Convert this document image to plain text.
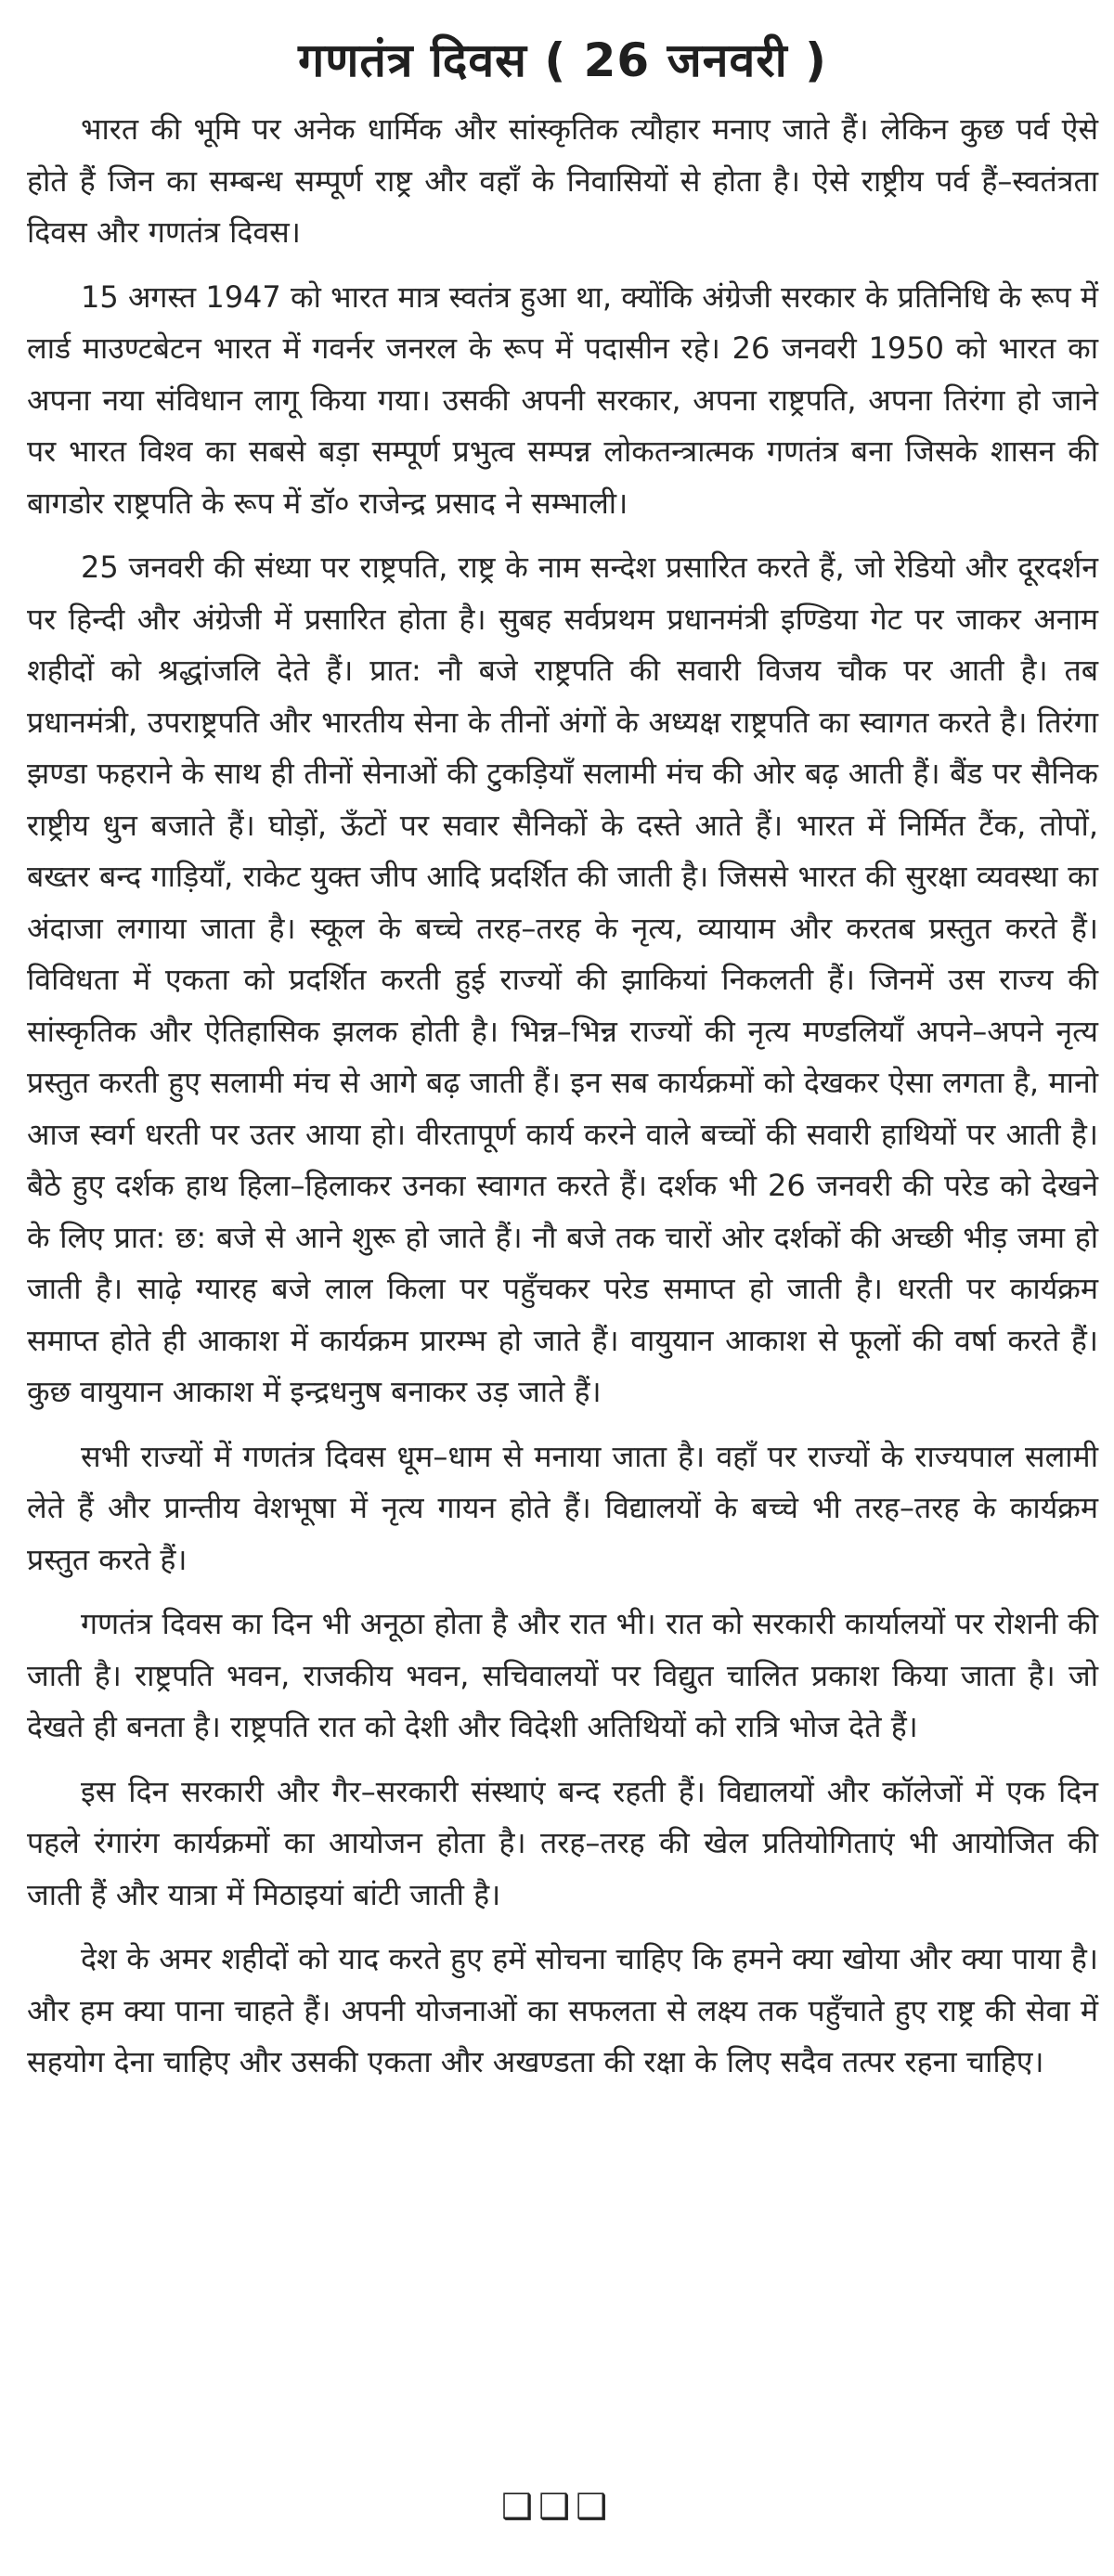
गणतंत्र दिवस ( 26 जनवरी )

भारत की भूमि पर अनेक धार्मिक और सांस्कृतिक त्यौहार मनाए जाते हैं। लेकिन कुछ पर्व ऐसे होते हैं जिन का सम्बन्ध सम्पूर्ण राष्ट्र और वहाँ के निवासियों से होता है। ऐसे राष्ट्रीय पर्व हैं–स्वतंत्रता दिवस और गणतंत्र दिवस।

15 अगस्त 1947 को भारत मात्र स्वतंत्र हुआ था, क्योंकि अंग्रेजी सरकार के प्रतिनिधि के रूप में लार्ड माउण्टबेटन भारत में गवर्नर जनरल के रूप में पदासीन रहे। 26 जनवरी 1950 को भारत का अपना नया संविधान लागू किया गया। उसकी अपनी सरकार, अपना राष्ट्रपति, अपना तिरंगा हो जाने पर भारत विश्व का सबसे बड़ा सम्पूर्ण प्रभुत्व सम्पन्न लोकतन्त्रात्मक गणतंत्र बना जिसके शासन की बागडोर राष्ट्रपति के रूप में डॉ० राजेन्द्र प्रसाद ने सम्भाली।

25 जनवरी की संध्या पर राष्ट्रपति, राष्ट्र के नाम सन्देश प्रसारित करते हैं, जो रेडियो और दूरदर्शन पर हिन्दी और अंग्रेजी में प्रसारित होता है। सुबह सर्वप्रथम प्रधानमंत्री इण्डिया गेट पर जाकर अनाम शहीदों को श्रद्धांजलि देते हैं। प्रात: नौ बजे राष्ट्रपति की सवारी विजय चौक पर आती है। तब प्रधानमंत्री, उपराष्ट्रपति और भारतीय सेना के तीनों अंगों के अध्यक्ष राष्ट्रपति का स्वागत करते है। तिरंगा झण्डा फहराने के साथ ही तीनों सेनाओं की टुकड़ियाँ सलामी मंच की ओर बढ़ आती हैं। बैंड पर सैनिक राष्ट्रीय धुन बजाते हैं। घोड़ों, ऊँटों पर सवार सैनिकों के दस्ते आते हैं। भारत में निर्मित टैंक, तोपों, बख्तर बन्द गाड़ियाँ, राकेट युक्त जीप आदि प्रदर्शित की जाती है। जिससे भारत की सुरक्षा व्यवस्था का अंदाजा लगाया जाता है। स्कूल के बच्चे तरह–तरह के नृत्य, व्यायाम और करतब प्रस्तुत करते हैं। विविधता में एकता को प्रदर्शित करती हुई राज्यों की झाकियां निकलती हैं। जिनमें उस राज्य की सांस्कृतिक और ऐतिहासिक झलक होती है। भिन्न–भिन्न राज्यों की नृत्य मण्डलियाँ अपने–अपने नृत्य प्रस्तुत करती हुए सलामी मंच से आगे बढ़ जाती हैं। इन सब कार्यक्रमों को देखकर ऐसा लगता है, मानो आज स्वर्ग धरती पर उतर आया हो। वीरतापूर्ण कार्य करने वाले बच्चों की सवारी हाथियों पर आती है। बैठे हुए दर्शक हाथ हिला–हिलाकर उनका स्वागत करते हैं। दर्शक भी 26 जनवरी की परेड को देखने के लिए प्रात: छ: बजे से आने शुरू हो जाते हैं। नौ बजे तक चारों ओर दर्शकों की अच्छी भीड़ जमा हो जाती है। साढ़े ग्यारह बजे लाल किला पर पहुँचकर परेड समाप्त हो जाती है। धरती पर कार्यक्रम समाप्त होते ही आकाश में कार्यक्रम प्रारम्भ हो जाते हैं। वायुयान आकाश से फूलों की वर्षा करते हैं। कुछ वायुयान आकाश में इन्द्रधनुष बनाकर उड़ जाते हैं।

सभी राज्यों में गणतंत्र दिवस धूम–धाम से मनाया जाता है। वहाँ पर राज्यों के राज्यपाल सलामी लेते हैं और प्रान्तीय वेशभूषा में नृत्य गायन होते हैं। विद्यालयों के बच्चे भी तरह–तरह के कार्यक्रम प्रस्तुत करते हैं।

गणतंत्र दिवस का दिन भी अनूठा होता है और रात भी। रात को सरकारी कार्यालयों पर रोशनी की जाती है। राष्ट्रपति भवन, राजकीय भवन, सचिवालयों पर विद्युत चालित प्रकाश किया जाता है। जो देखते ही बनता है। राष्ट्रपति रात को देशी और विदेशी अतिथियों को रात्रि भोज देते हैं।

इस दिन सरकारी और गैर–सरकारी संस्थाएं बन्द रहती हैं। विद्यालयों और कॉलेजों में एक दिन पहले रंगारंग कार्यक्रमों का आयोजन होता है। तरह–तरह की खेल प्रतियोगिताएं भी आयोजित की जाती हैं और यात्रा में मिठाइयां बांटी जाती है।

देश के अमर शहीदों को याद करते हुए हमें सोचना चाहिए कि हमने क्या खोया और क्या पाया है। और हम क्या पाना चाहते हैं। अपनी योजनाओं का सफलता से लक्ष्य तक पहुँचाते हुए राष्ट्र की सेवा में सहयोग देना चाहिए और उसकी एकता और अखण्डता की रक्षा के लिए सदैव तत्पर रहना चाहिए।

❑❑❑
